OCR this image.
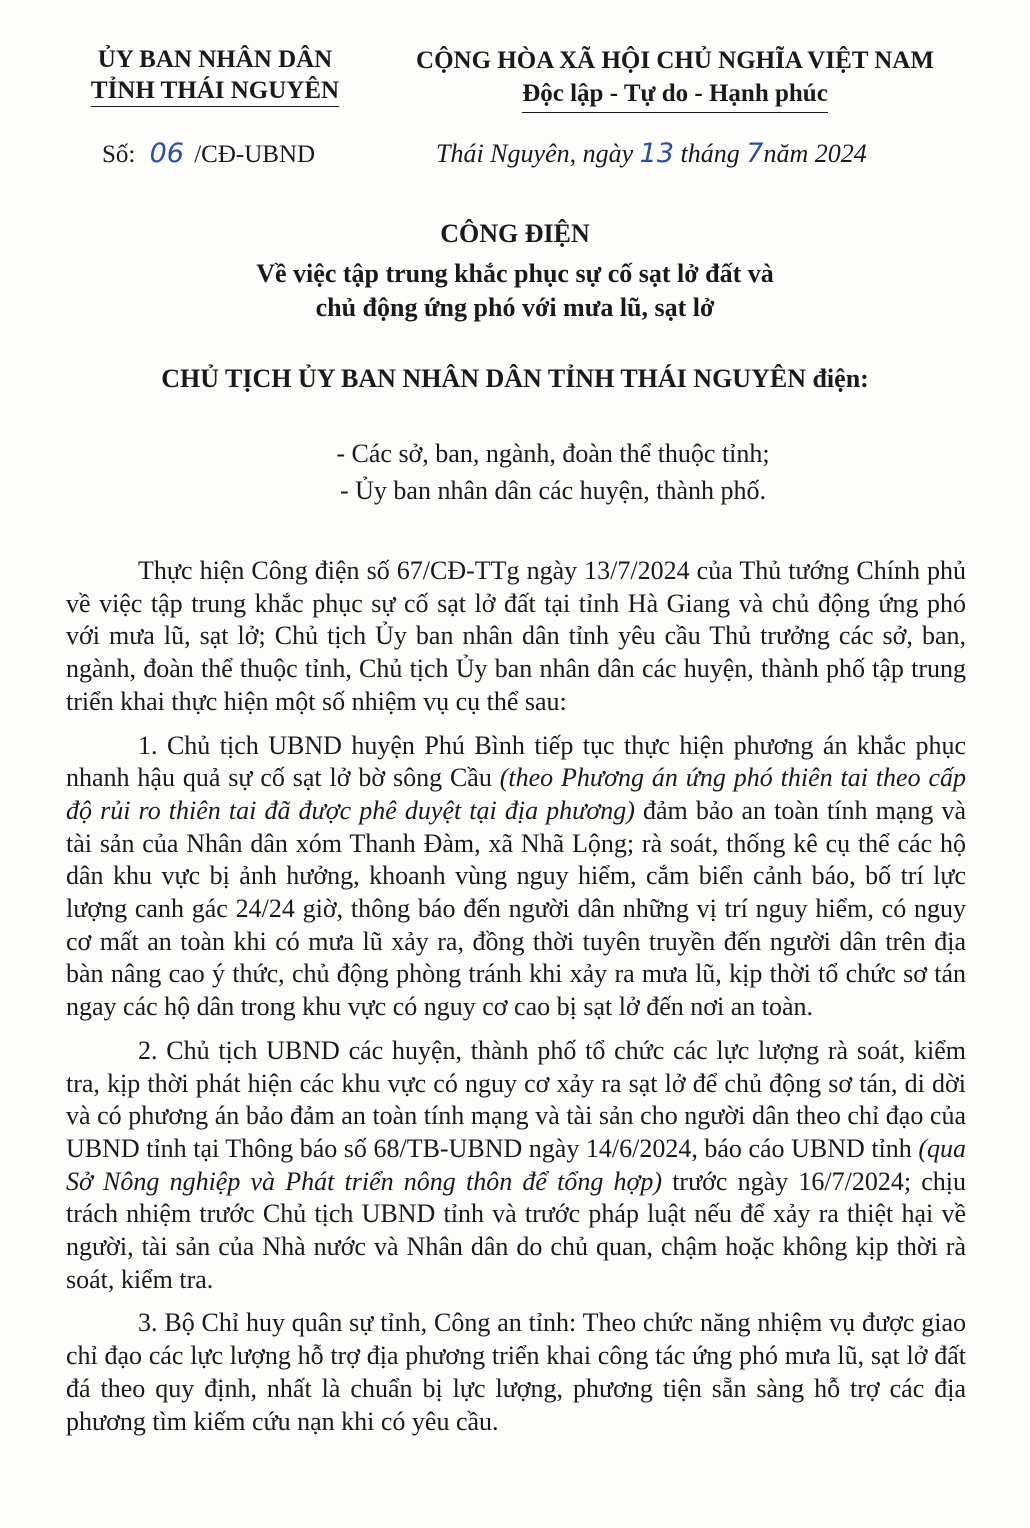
ỦY BAN NHÂN DÂN
TỈNH THÁI NGUYÊN
CỘNG HÒA XÃ HỘI CHỦ NGHĨA VIỆT NAM
Độc lập - Tự do - Hạnh phúc
Số: 06 /CĐ-UBND	Thái Nguyên, ngày 13 tháng 7năm 2024
CÔNG ĐIỆN
Về việc tập trung khắc phục sự cố sạt lở đất và
chủ động ứng phó với mưa lũ, sạt lở
CHỦ TỊCH ỦY BAN NHÂN DÂN TỈNH THÁI NGUYÊN điện:
- Các sở, ban, ngành, đoàn thể thuộc tỉnh;
- Ủy ban nhân dân các huyện, thành phố.

Thực hiện Công điện số 67/CĐ-TTg ngày 13/7/2024 của Thủ tướng Chính phủ về việc tập trung khắc phục sự cố sạt lở đất tại tỉnh Hà Giang và chủ động ứng phó với mưa lũ, sạt lở; Chủ tịch Ủy ban nhân dân tỉnh yêu cầu Thủ trưởng các sở, ban, ngành, đoàn thể thuộc tỉnh, Chủ tịch Ủy ban nhân dân các huyện, thành phố tập trung triển khai thực hiện một số nhiệm vụ cụ thể sau:

1. Chủ tịch UBND huyện Phú Bình tiếp tục thực hiện phương án khắc phục nhanh hậu quả sự cố sạt lở bờ sông Cầu (theo Phương án ứng phó thiên tai theo cấp độ rủi ro thiên tai đã được phê duyệt tại địa phương) đảm bảo an toàn tính mạng và tài sản của Nhân dân xóm Thanh Đàm, xã Nhã Lộng; rà soát, thống kê cụ thể các hộ dân khu vực bị ảnh hưởng, khoanh vùng nguy hiểm, cắm biển cảnh báo, bố trí lực lượng canh gác 24/24 giờ, thông báo đến người dân những vị trí nguy hiểm, có nguy cơ mất an toàn khi có mưa lũ xảy ra, đồng thời tuyên truyền đến người dân trên địa bàn nâng cao ý thức, chủ động phòng tránh khi xảy ra mưa lũ, kịp thời tổ chức sơ tán ngay các hộ dân trong khu vực có nguy cơ cao bị sạt lở đến nơi an toàn.

2. Chủ tịch UBND các huyện, thành phố tổ chức các lực lượng rà soát, kiểm tra, kịp thời phát hiện các khu vực có nguy cơ xảy ra sạt lở để chủ động sơ tán, di dời và có phương án bảo đảm an toàn tính mạng và tài sản cho người dân theo chỉ đạo của UBND tỉnh tại Thông báo số 68/TB-UBND ngày 14/6/2024, báo cáo UBND tỉnh (qua Sở Nông nghiệp và Phát triển nông thôn để tổng hợp) trước ngày 16/7/2024; chịu trách nhiệm trước Chủ tịch UBND tỉnh và trước pháp luật nếu để xảy ra thiệt hại về người, tài sản của Nhà nước và Nhân dân do chủ quan, chậm hoặc không kịp thời rà soát, kiểm tra.

3. Bộ Chỉ huy quân sự tỉnh, Công an tỉnh: Theo chức năng nhiệm vụ được giao chỉ đạo các lực lượng hỗ trợ địa phương triển khai công tác ứng phó mưa lũ, sạt lở đất đá theo quy định, nhất là chuẩn bị lực lượng, phương tiện sẵn sàng hỗ trợ các địa phương tìm kiếm cứu nạn khi có yêu cầu.
